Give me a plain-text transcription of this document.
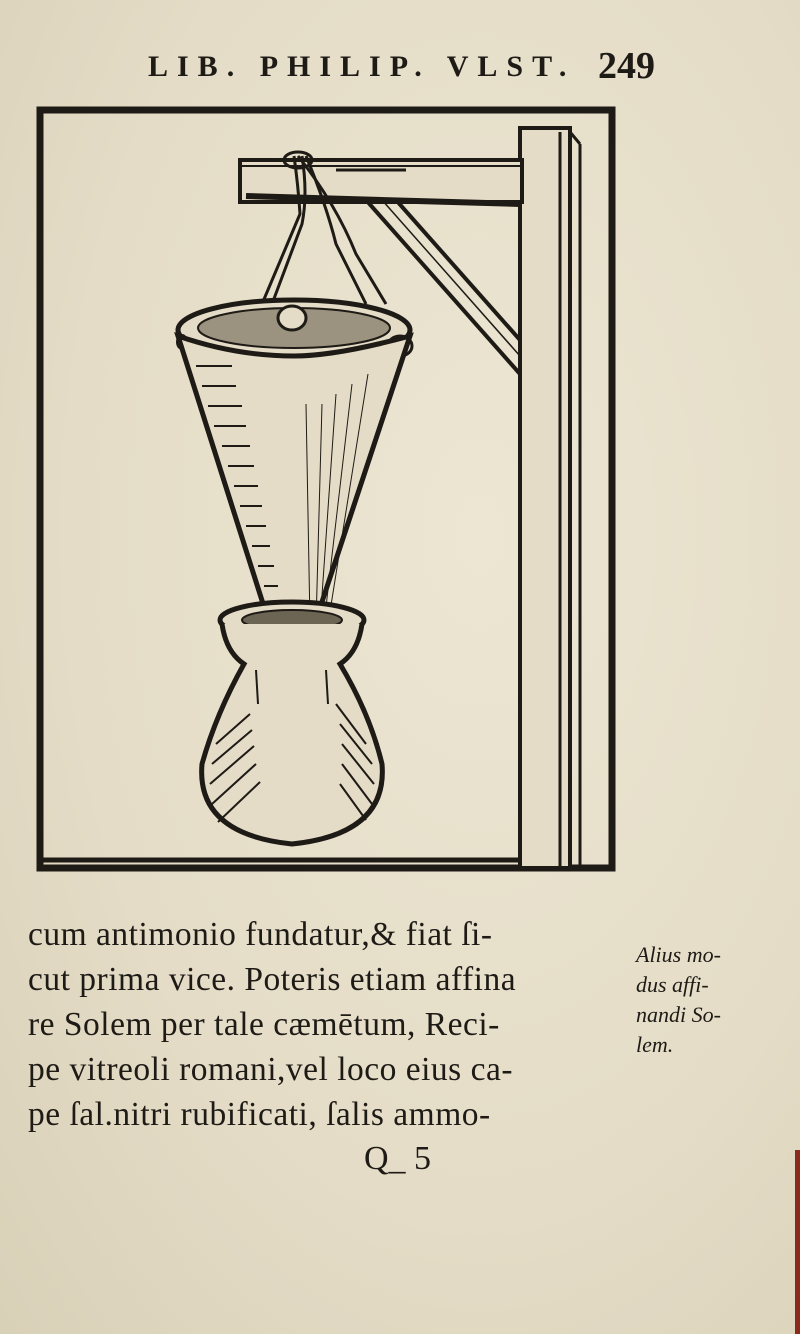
LIB. PHILIP. VLST. 249
cum antimonio fundatur,& fiat ſi-
cut prima vice. Poteris etiam affina
re Solem per tale cæmētum, Reci-
pe vitreoli romani,vel loco eius ca-
pe ſal.nitri rubificati, ſalis ammo-
Alius mo-
dus affi-
nandi So-
lem.
Q_ 5
